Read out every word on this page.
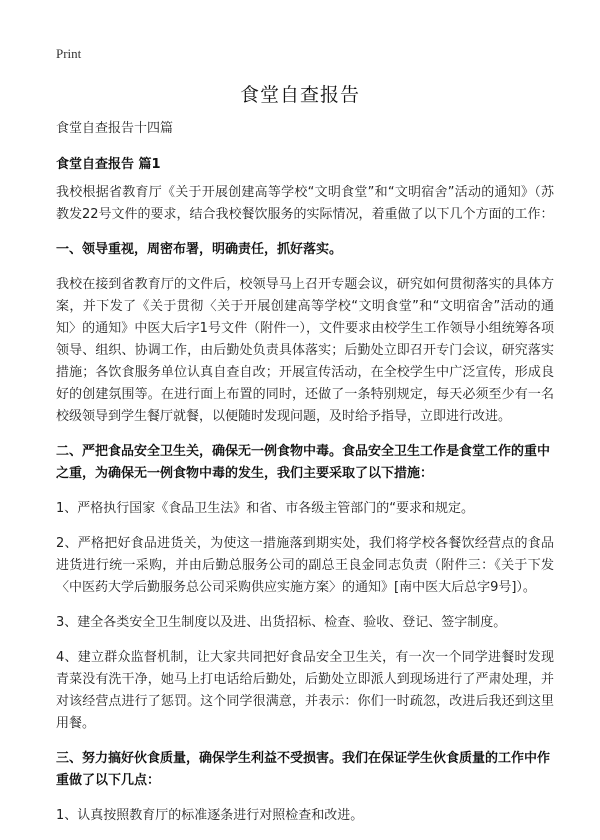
Print
食堂自查报告
食堂自查报告十四篇
食堂自查报告 篇1

我校根据省教育厅《关于开展创建高等学校“文明食堂”和“文明宿舍”活动的通知》（苏教发22号文件的要求，结合我校餐饮服务的实际情况，着重做了以下几个方面的工作：

一、领导重视，周密布署，明确责任，抓好落实。

我校在接到省教育厅的文件后，校领导马上召开专题会议，研究如何贯彻落实的具体方案，并下发了《关于贯彻〈关于开展创建高等学校“文明食堂”和“文明宿舍”活动的通知〉的通知》中医大后字1号文件（附件一），文件要求由校学生工作领导小组统筹各项领导、组织、协调工作，由后勤处负责具体落实；后勤处立即召开专门会议，研究落实措施；各饮食服务单位认真自查自改；开展宣传活动，在全校学生中广泛宣传，形成良好的创建氛围等。在进行面上布置的同时，还做了一条特别规定，每天必须至少有一名校级领导到学生餐厅就餐，以便随时发现问题，及时给予指导，立即进行改进。

二、严把食品安全卫生关，确保无一例食物中毒。食品安全卫生工作是食堂工作的重中之重，为确保无一例食物中毒的发生，我们主要采取了以下措施：

1、严格执行国家《食品卫生法》和省、市各级主管部门的“要求和规定。

2、严格把好食品进货关，为使这一措施落到期实处，我们将学校各餐饮经营点的食品进货进行统一采购，并由后勤总服务公司的副总王良金同志负责（附件三：《关于下发〈中医药大学后勤服务总公司采购供应实施方案〉的通知》[南中医大后总字9号]）。

3、建全各类安全卫生制度以及进、出货招标、检查、验收、登记、签字制度。

4、建立群众监督机制，让大家共同把好食品安全卫生关，有一次一个同学进餐时发现青菜没有洗干净，她马上打电话给后勤处，后勤处立即派人到现场进行了严肃处理，并对该经营点进行了惩罚。这个同学很满意，并表示：你们一时疏忽，改进后我还到这里用餐。

三、努力搞好伙食质量，确保学生利益不受损害。我们在保证学生伙食质量的工作中作重做了以下几点：

1、认真按照教育厅的标准逐条进行对照检查和改进。
